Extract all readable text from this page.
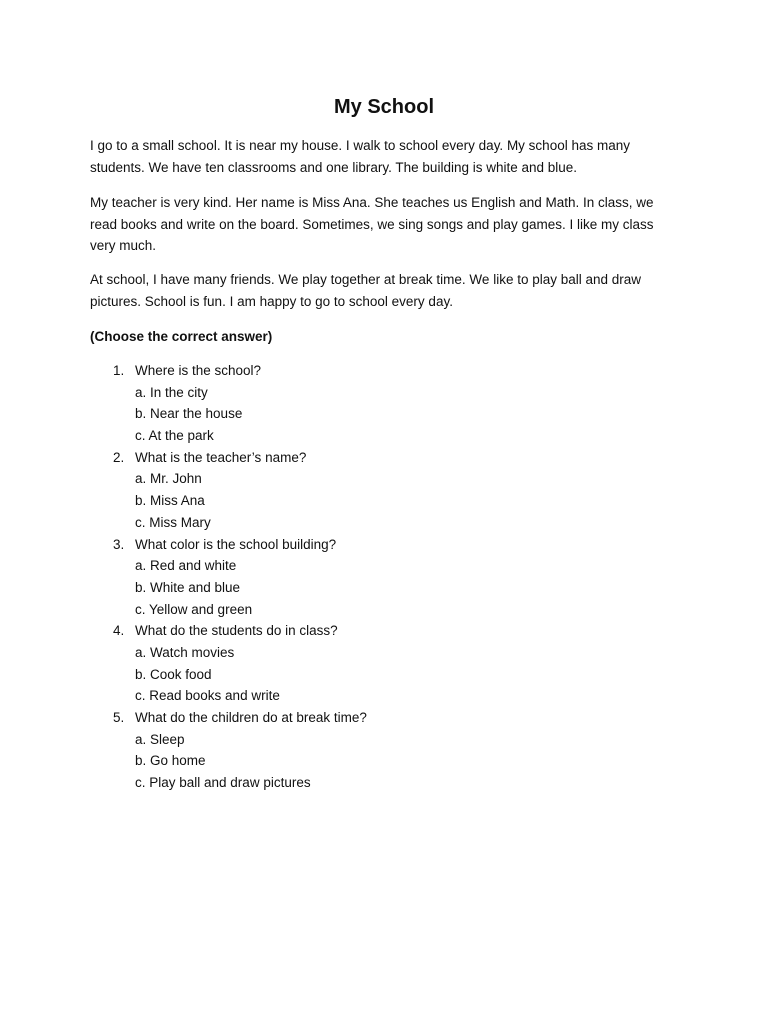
My School

I go to a small school. It is near my house. I walk to school every day. My school has many students. We have ten classrooms and one library. The building is white and blue.

My teacher is very kind. Her name is Miss Ana. She teaches us English and Math. In class, we read books and write on the board. Sometimes, we sing songs and play games. I like my class very much.

At school, I have many friends. We play together at break time. We like to play ball and draw pictures. School is fun. I am happy to go to school every day.

(Choose the correct answer)

1. Where is the school?
a. In the city
b. Near the house
c. At the park
2. What is the teacher’s name?
a. Mr. John
b. Miss Ana
c. Miss Mary
3. What color is the school building?
a. Red and white
b. White and blue
c. Yellow and green
4. What do the students do in class?
a. Watch movies
b. Cook food
c. Read books and write
5. What do the children do at break time?
a. Sleep
b. Go home
c. Play ball and draw pictures
